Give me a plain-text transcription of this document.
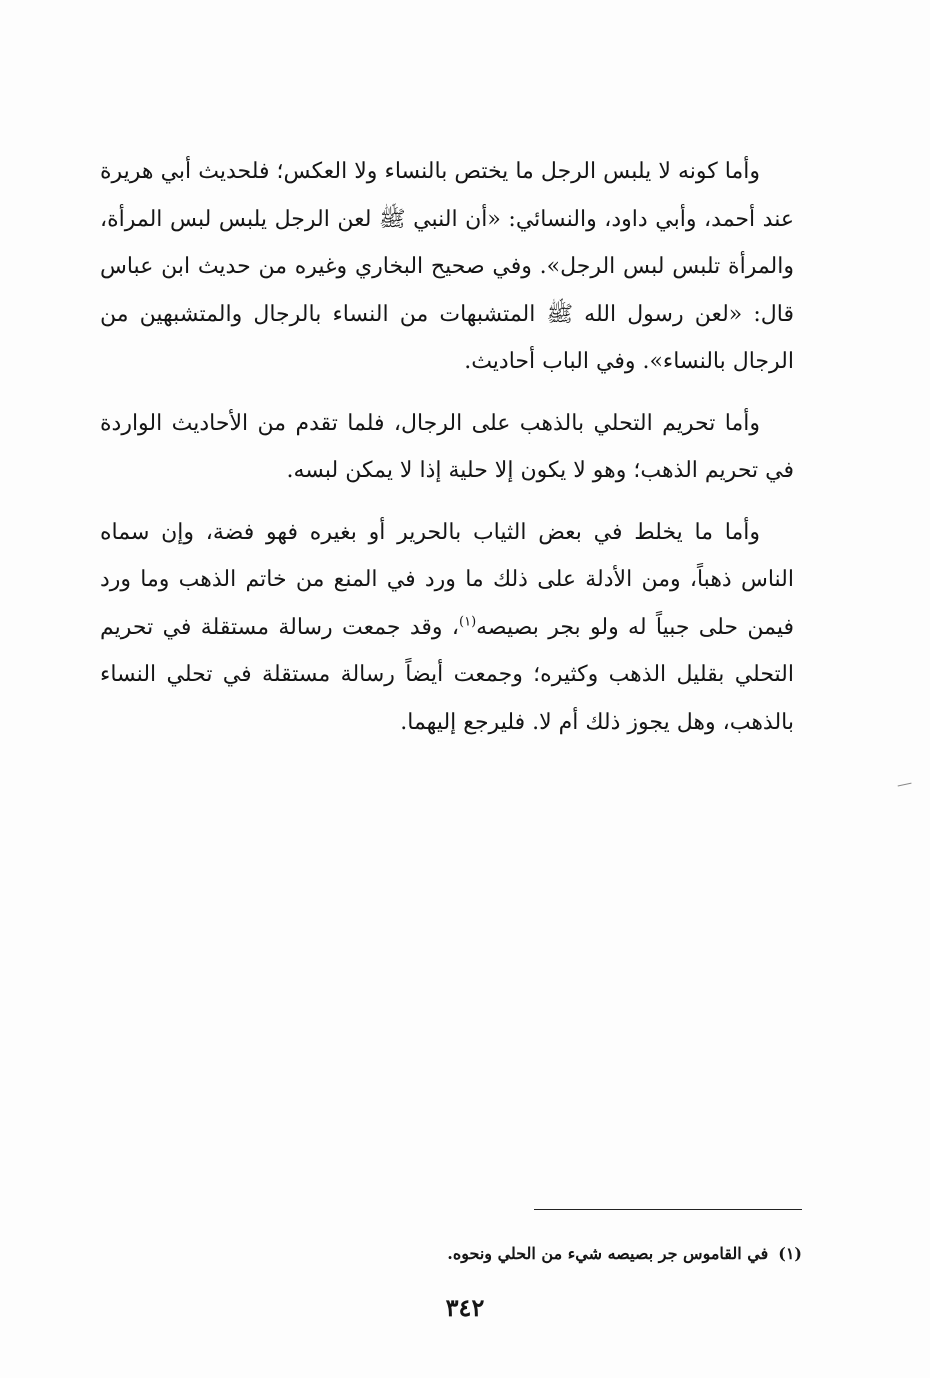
وأما كونه لا يلبس الرجل ما يختص بالنساء ولا العكس؛ فلحديث أبي هريرة عند أحمد، وأبي داود، والنسائي: «أن النبي ﷺ لعن الرجل يلبس لبس المرأة، والمرأة تلبس لبس الرجل». وفي صحيح البخاري وغيره من حديث ابن عباس قال: «لعن رسول الله ﷺ المتشبهات من النساء بالرجال والمتشبهين من الرجال بالنساء». وفي الباب أحاديث.

وأما تحريم التحلي بالذهب على الرجال، فلما تقدم من الأحاديث الواردة في تحريم الذهب؛ وهو لا يكون إلا حلية إذا لا يمكن لبسه.

وأما ما يخلط في بعض الثياب بالحرير أو بغيره فهو فضة، وإن سماه الناس ذهباً، ومن الأدلة على ذلك ما ورد في المنع من خاتم الذهب وما ورد فيمن حلى جبياً له ولو بجر بصيصه$^{(١)}$، وقد جمعت رسالة مستقلة في تحريم التحلي بقليل الذهب وكثيره؛ وجمعت أيضاً رسالة مستقلة في تحلي النساء بالذهب، وهل يجوز ذلك أم لا. فليرجع إليهما.

(١)في القاموس جر بصيصه شيء من الحلي ونحوه.
٣٤٢
